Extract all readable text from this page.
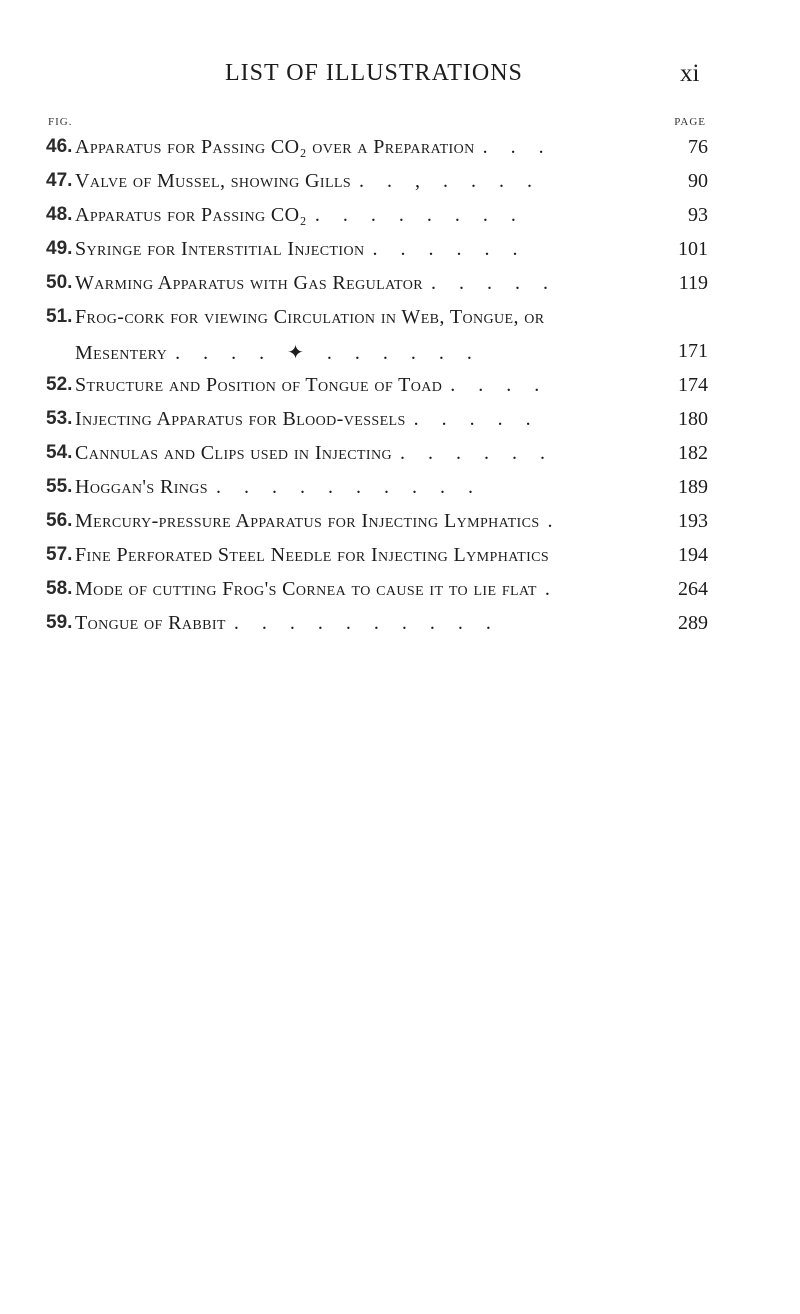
LIST OF ILLUSTRATIONS	xi
FIG.	PAGE
46. Apparatus for Passing CO₂ over a Preparation . . .	76
47. Valve of Mussel, showing Gills . . , . . . .	90
48. Apparatus for Passing CO₂ . . . . . . . .	93
49. Syringe for Interstitial Injection . . . . . .	101
50. Warming Apparatus with Gas Regulator . . . . .	119
51. Frog-cork for viewing Circulation in Web, Tongue, or
Mesentery . . . . ✦ . . . . . .	171
52. Structure and Position of Tongue of Toad . . . .	174
53. Injecting Apparatus for Blood-vessels . . . . .	180
54. Cannulas and Clips used in Injecting . . . . . .	182
55. Hoggan's Rings . . . . . . . . . .	189
56. Mercury-pressure Apparatus for Injecting Lymphatics .	193
57. Fine Perforated Steel Needle for Injecting Lymphatics	194
58. Mode of cutting Frog's Cornea to cause it to lie flat .	264
59. Tongue of Rabbit . . . . . . . . . .	289
